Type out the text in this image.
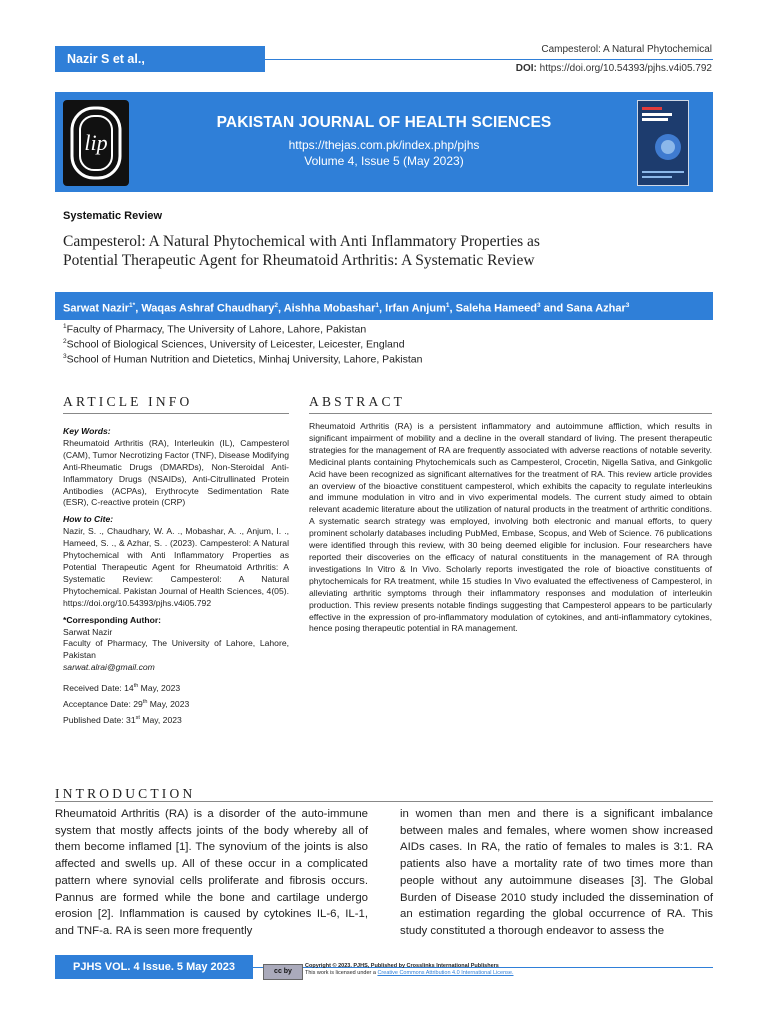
Nazir S et al.,
Campesterol: A Natural Phytochemical
DOI: https://doi.org/10.54393/pjhs.v4i05.792
lip
PAKISTAN JOURNAL OF HEALTH SCIENCES
https://thejas.com.pk/index.php/pjhs
Volume 4, Issue 5 (May 2023)
Systematic Review
Campesterol: A Natural Phytochemical with Anti Inflammatory Properties as
Potential Therapeutic Agent for Rheumatoid Arthritis: A Systematic Review
Sarwat Nazir$^{1*}$, Waqas Ashraf Chaudhary$^2$, Aishha Mobashar$^1$, Irfan Anjum$^1$, Saleha Hameed$^3$ and Sana Azhar$^3$
$^1$Faculty of Pharmacy, The University of Lahore, Lahore, Pakistan
$^2$School of Biological Sciences, University of Leicester, Leicester, England
$^3$School of Human Nutrition and Dietetics, Minhaj University, Lahore, Pakistan
ARTICLE INFO	ABSTRACT
Key Words:
Rheumatoid Arthritis (RA), Interleukin (IL), Campesterol (CAM), Tumor Necrotizing Factor (TNF), Disease Modifying Anti-Rheumatic Drugs (DMARDs), Non-Steroidal Anti-Inflammatory Drugs (NSAIDs), Anti-Citrullinated Protein Antibodies (ACPAs), Erythrocyte Sedimentation Rate (ESR), C-reactive protein (CRP)
How to Cite:
Nazir, S. ., Chaudhary, W. A. ., Mobashar, A. ., Anjum, I. ., Hameed, S. ., & Azhar, S. . (2023). Campesterol: A Natural Phytochemical with Anti Inflammatory Properties as Potential Therapeutic Agent for Rheumatoid Arthritis: A Systematic Review: Campesterol: A Natural Phytochemical. Pakistan Journal of Health Sciences, 4(05). https://doi.org/10.54393/pjhs.v4i05.792
*Corresponding Author:
Sarwat Nazir
Faculty of Pharmacy, The University of Lahore, Lahore, Pakistan
sarwat.alrai@gmail.com
Received Date: 14th May, 2023
Acceptance Date: 29th May, 2023
Published Date: 31st May, 2023
Rheumatoid Arthritis (RA) is a persistent inflammatory and autoimmune affliction, which results in significant impairment of mobility and a decline in the overall standard of living. The present therapeutic strategies for the management of RA are frequently associated with adverse reactions of notable severity. Medicinal plants containing Phytochemicals such as Campesterol, Crocetin, Nigella Sativa, and Ginkgolic Acid have been recognized as significant alternatives for the treatment of RA. This review article provides an overview of the bioactive constituent campesterol, which exhibits the capacity to regulate interleukins and immune modulation in vitro and in vivo experimental models. The current study aimed to obtain relevant academic literature about the utilization of natural products in the treatment of arthritic conditions. A systematic search strategy was employed, involving both electronic and manual efforts, to query prominent scholarly databases including PubMed, Embase, Scopus, and Web of Science. 76 publications were identified through this review, with 30 being deemed eligible for inclusion. Four researchers have reported their discoveries on the efficacy of natural constituents in the management of RA through investigations In Vitro & In Vivo. Scholarly reports investigated the role of bioactive constituents of phytochemicals for RA treatment, while 15 studies In Vivo evaluated the effectiveness of Campesterol, in alleviating arthritic symptoms through their inflammatory responses and modulation of interleukin production. This review presents notable findings suggesting that Campesterol appears to be particularly effective in the expression of pro-inflammatory modulation of cytokines, and anti-inflammatory cytokines, hence posing therapeutic potential in RA management.
INTRODUCTION
Rheumatoid Arthritis (RA) is a disorder of the auto-immune system that mostly affects joints of the body whereby all of them become inflamed [1]. The synovium of the joints is also affected and swells up. All of these occur in a complicated pattern where synovial cells proliferate and fibrosis occurs. Pannus are formed while the bone and cartilage undergo erosion [2]. Inflammation is caused by cytokines IL-6, IL-1, and TNF-a. RA is seen more frequently
in women than men and there is a significant imbalance between males and females, where women show increased AIDs cases. In RA, the ratio of females to males is 3:1. RA patients also have a mortality rate of two times more than people without any autoimmune diseases [3]. The Global Burden of Disease 2010 study included the dissemination of an estimation regarding the global occurrence of RA. This study constituted a thorough endeavor to assess the
PJHS VOL. 4 Issue. 5 May 2023	cc by
Copyright © 2023. PJHS, Published by Crosslinks International Publishers
This work is licensed under a Creative Commons Attribution 4.0 International License.
